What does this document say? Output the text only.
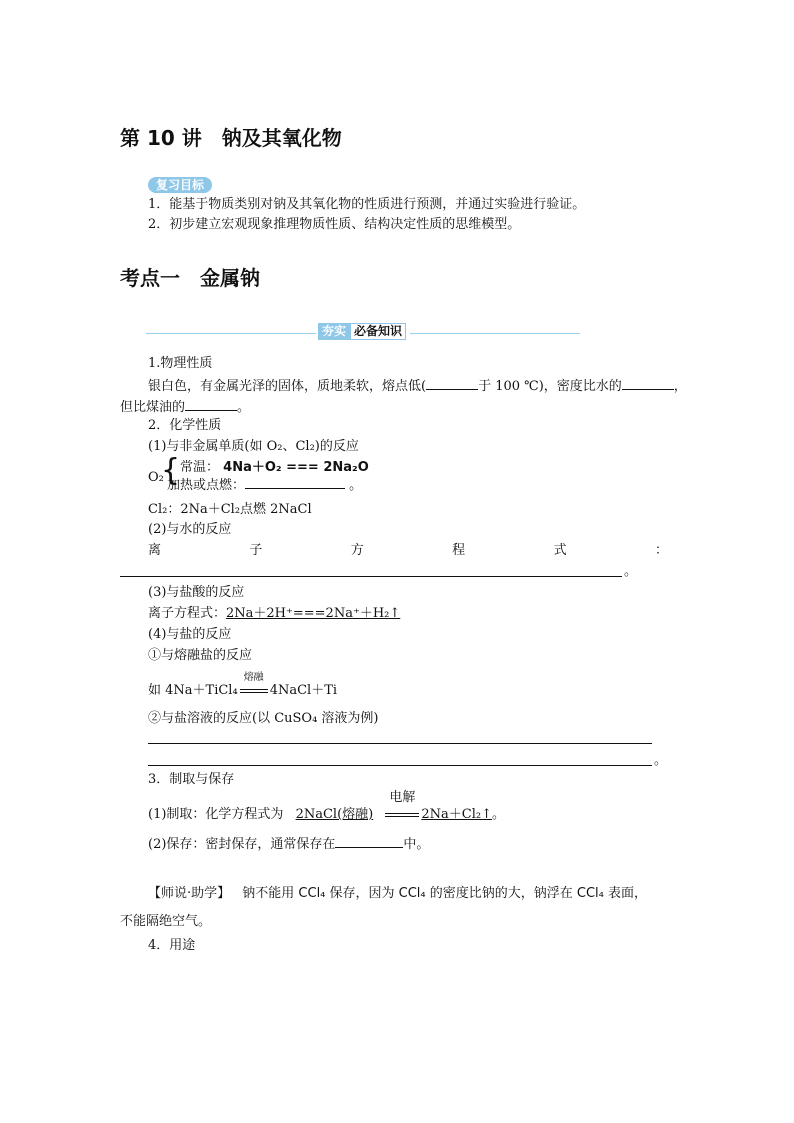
第 10 讲　钠及其氧化物
复习目标
1．能基于物质类别对钠及其氧化物的性质进行预测，并通过实验进行验证。
2．初步建立宏观现象推理物质性质、结构决定性质的思维模型。
考点一　金属钠
夯实 必备知识
1.物理性质
银白色，有金属光泽的固体，质地柔软，熔点低(	于 100 ℃)，密度比水的	，
但比煤油的	。
2．化学性质
(1)与非金属单质(如 O₂、Cl₂)的反应
O₂
{ 常温： 4Na＋O₂ === 2Na₂O
加热或点燃：	。
Cl₂：2Na＋Cl₂点燃 2NaCl
(2)与水的反应
离	子	方	程	式	：
。
(3)与盐酸的反应
离子方程式：2Na＋2H⁺===2Na⁺＋H₂↑
(4)与盐的反应
①与熔融盐的反应
如 4Na＋TiCl₄
熔融
4NaCl＋Ti
②与盐溶液的反应(以 CuSO₄ 溶液为例)
。
3．制取与保存
(1)制取：化学方程式为 2NaCl(熔融)
电解
2Na＋Cl₂↑。
(2)保存：密封保存，通常保存在	中。
【师说·助学】 钠不能用 CCl₄ 保存，因为 CCl₄ 的密度比钠的大，钠浮在 CCl₄ 表面，
不能隔绝空气。
4．用途
